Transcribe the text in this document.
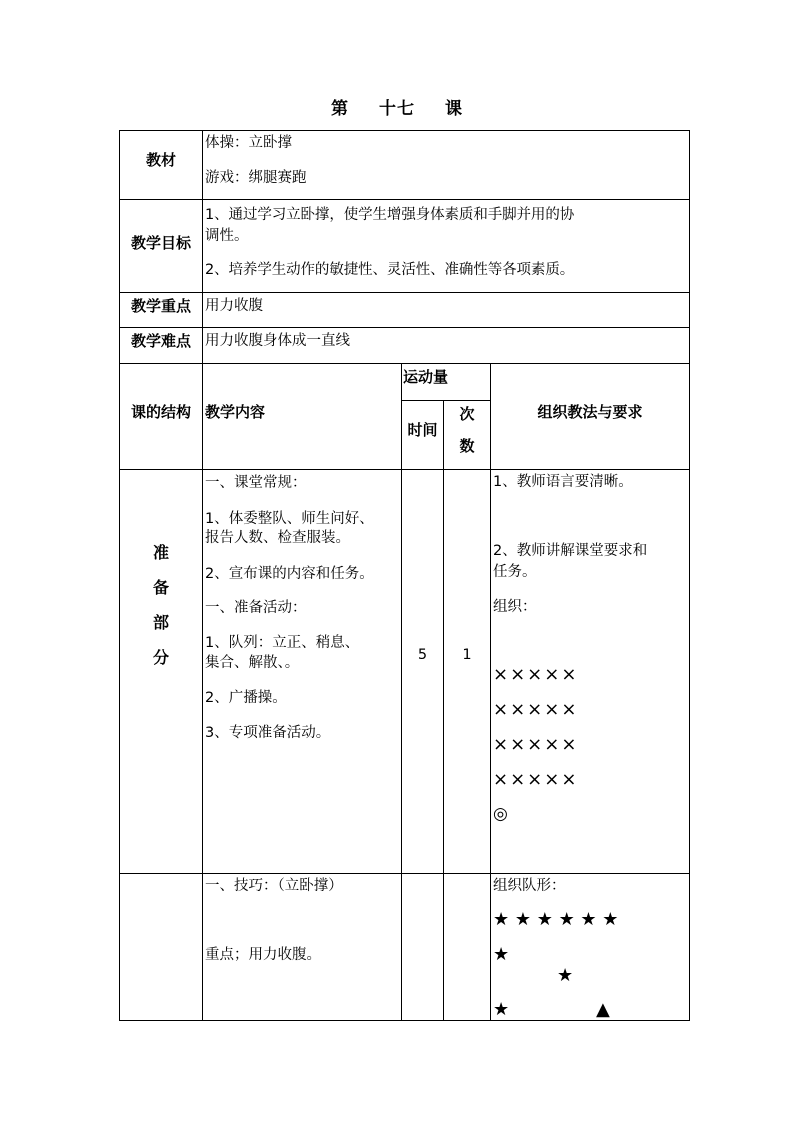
第 十七 课
教材
体操：立卧撑
游戏：绑腿赛跑
教学目标
1、通过学习立卧撑，使学生增强身体素质和手脚并用的协
调性。
2、培养学生动作的敏捷性、灵活性、准确性等各项素质。
教学重点 用力收腹
教学难点 用力收腹身体成一直线
课的结构 教学内容
运动量
时间
次
数
组织教法与要求
准
备
部
分
一、课堂常规：
1、体委整队、师生问好、
报告人数、检查服装。
2、宣布课的内容和任务。
一、准备活动：
1、队列：立正、稍息、
集合、解散、。
2、广播操。
3、专项准备活动。
5	1
1、教师语言要清晰。
2、教师讲解课堂要求和
任务。
组织：
×××××
×××××
×××××
×××××
◎
一、技巧：（立卧撑）
重点；用力收腹。
组织队形：
★ ★ ★ ★ ★ ★
★
★
★	▲
